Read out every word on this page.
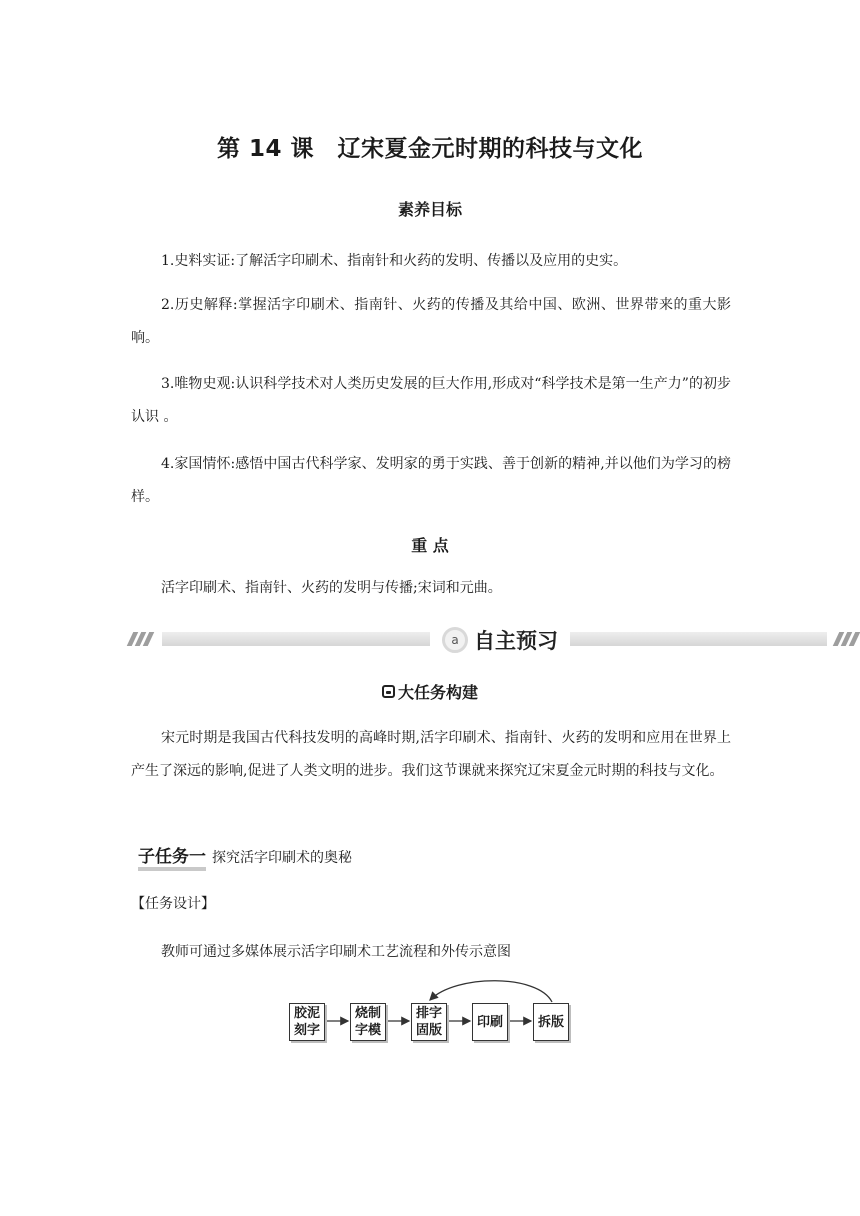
第 14 课　辽宋夏金元时期的科技与文化
素养目标
1.史料实证:了解活字印刷术、指南针和火药的发明、传播以及应用的史实。
2.历史解释:掌握活字印刷术、指南针、火药的传播及其给中国、欧洲、世界带来的重大影响。
3.唯物史观:认识科学技术对人类历史发展的巨大作用,形成对“科学技术是第一生产力”的初步认识 。
4.家国情怀:感悟中国古代科学家、发明家的勇于实践、善于创新的精神,并以他们为学习的榜样。
重 点
活字印刷术、指南针、火药的发明与传播;宋词和元曲。
a 自主预习
大任务构建
宋元时期是我国古代科技发明的高峰时期,活字印刷术、指南针、火药的发明和应用在世界上产生了深远的影响,促进了人类文明的进步。我们这节课就来探究辽宋夏金元时期的科技与文化。
子任务一 探究活字印刷术的奥秘
【任务设计】
教师可通过多媒体展示活字印刷术工艺流程和外传示意图
胶泥
刻字
烧制
字模
排字
固版
印刷	拆版
